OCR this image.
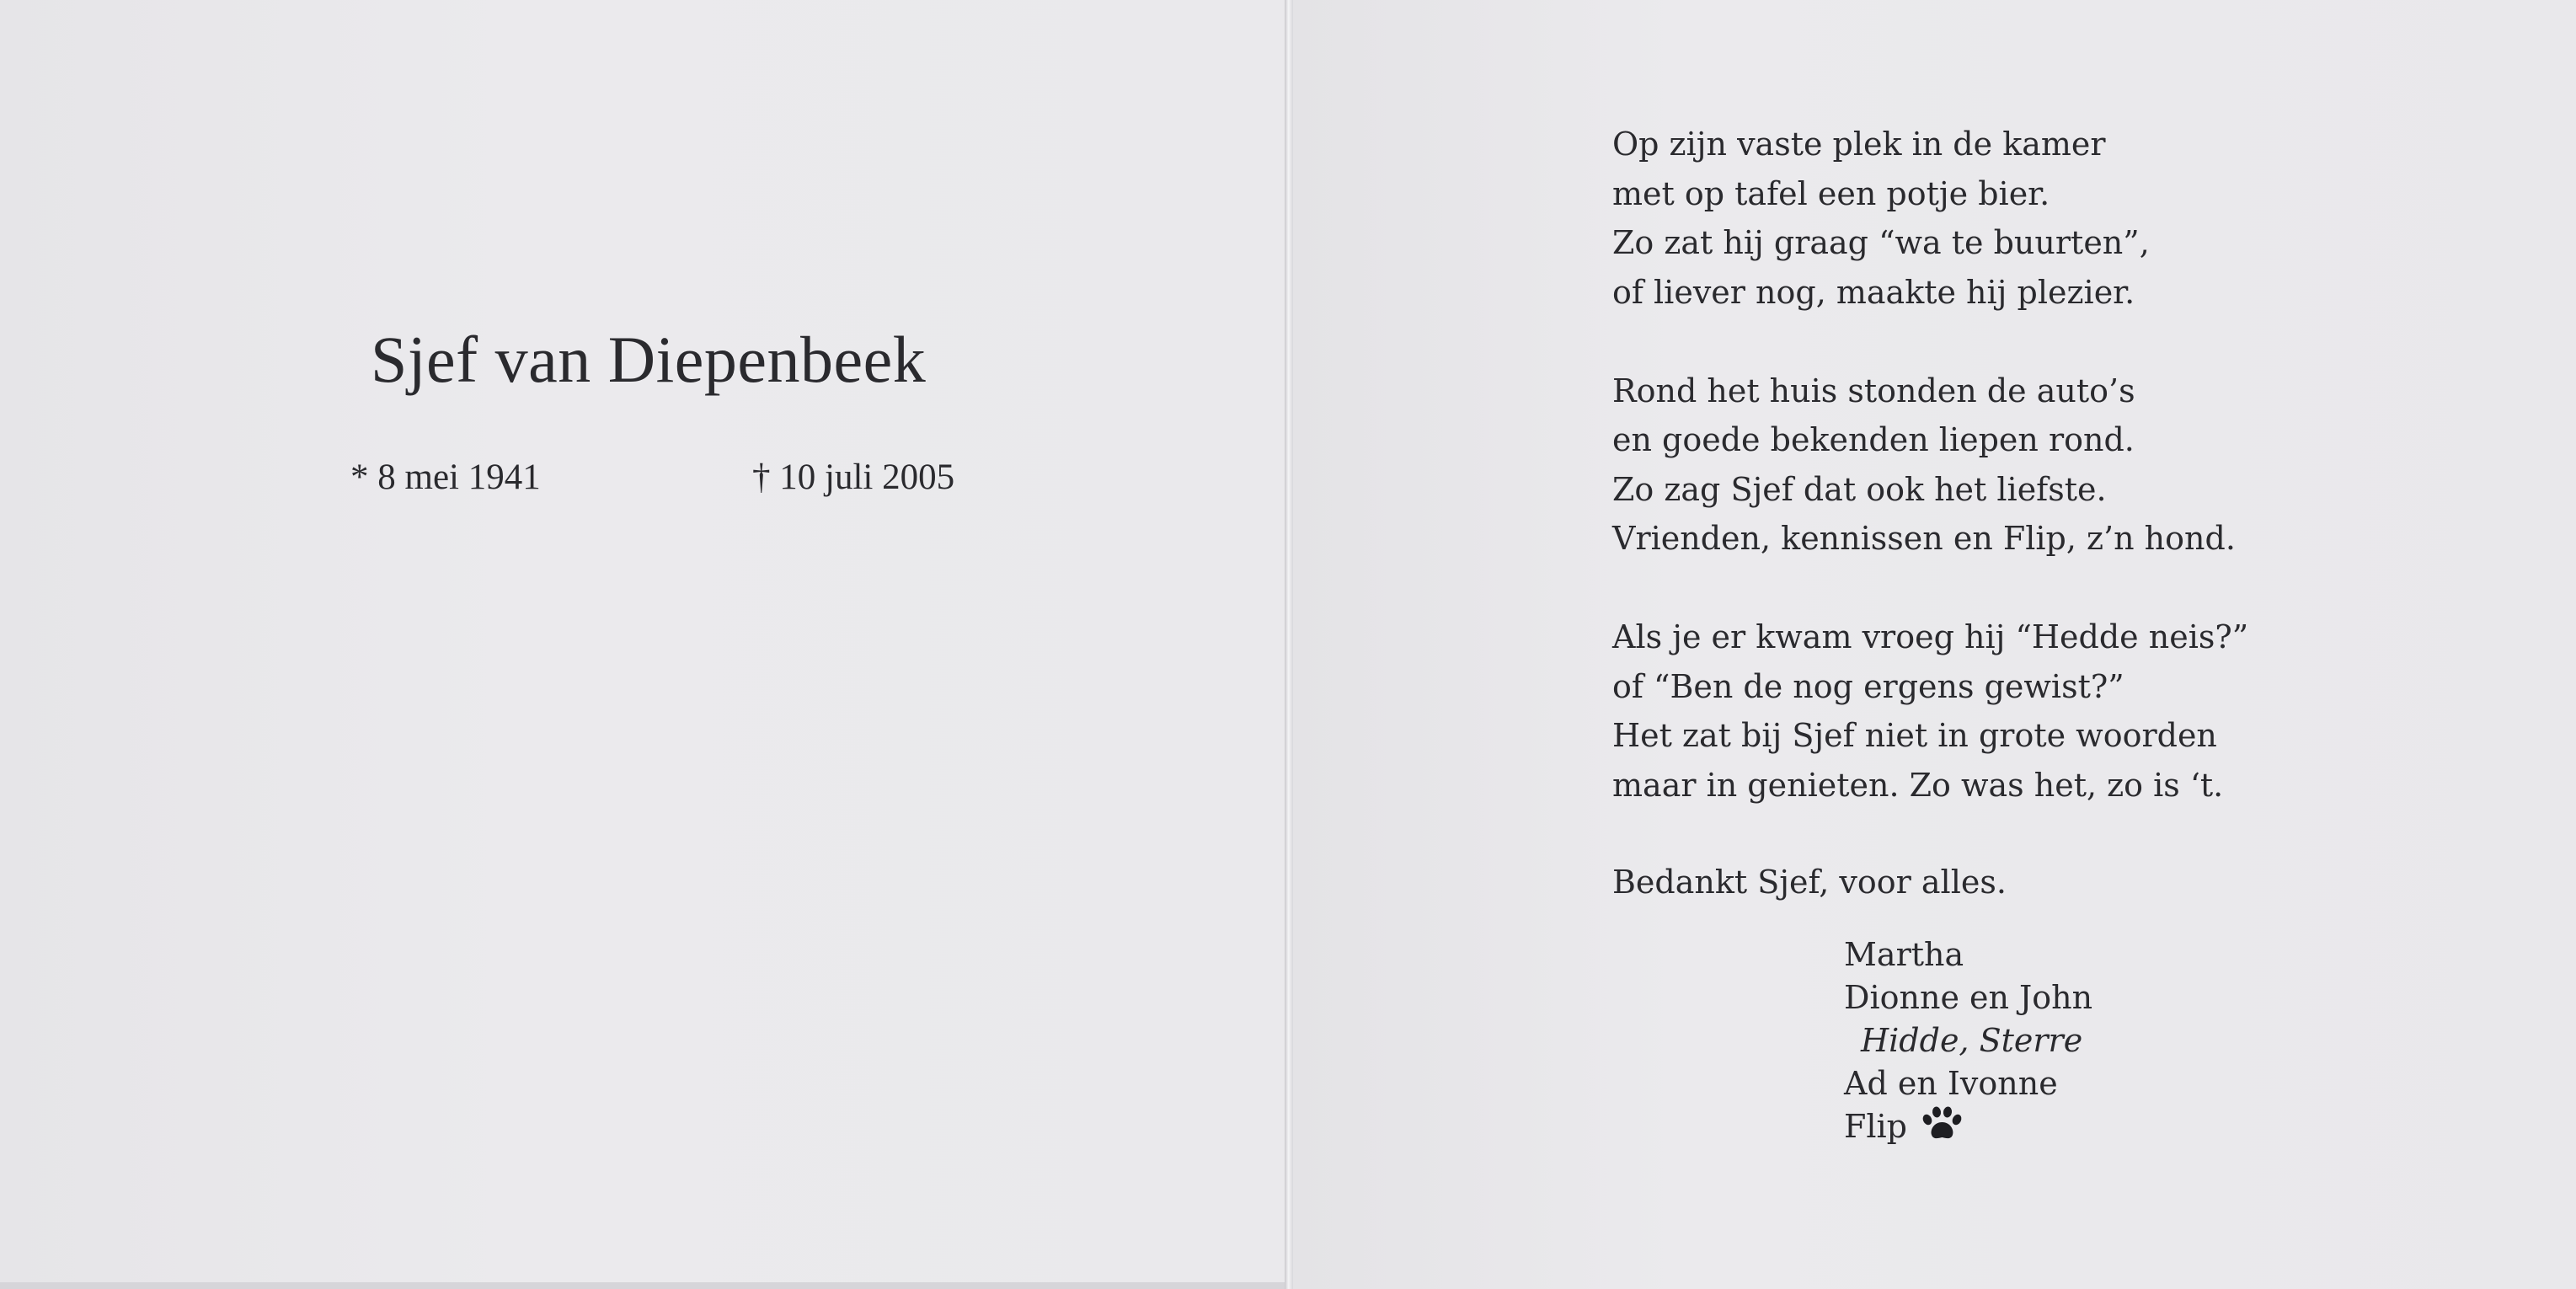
Sjef van Diepenbeek
* 8 mei 1941	† 10 juli 2005
Op zijn vaste plek in de kamer
met op tafel een potje bier.
Zo zat hij graag “wa te buurten”,
of liever nog, maakte hij plezier.
Rond het huis stonden de auto’s
en goede bekenden liepen rond.
Zo zag Sjef dat ook het liefste.
Vrienden, kennissen en Flip, z’n hond.
Als je er kwam vroeg hij “Hedde neis?”
of “Ben de nog ergens gewist?”
Het zat bij Sjef niet in grote woorden
maar in genieten. Zo was het, zo is ‘t.
Bedankt Sjef, voor alles.
Martha
Dionne en John
Hidde, Sterre
Ad en Ivonne
Flip
